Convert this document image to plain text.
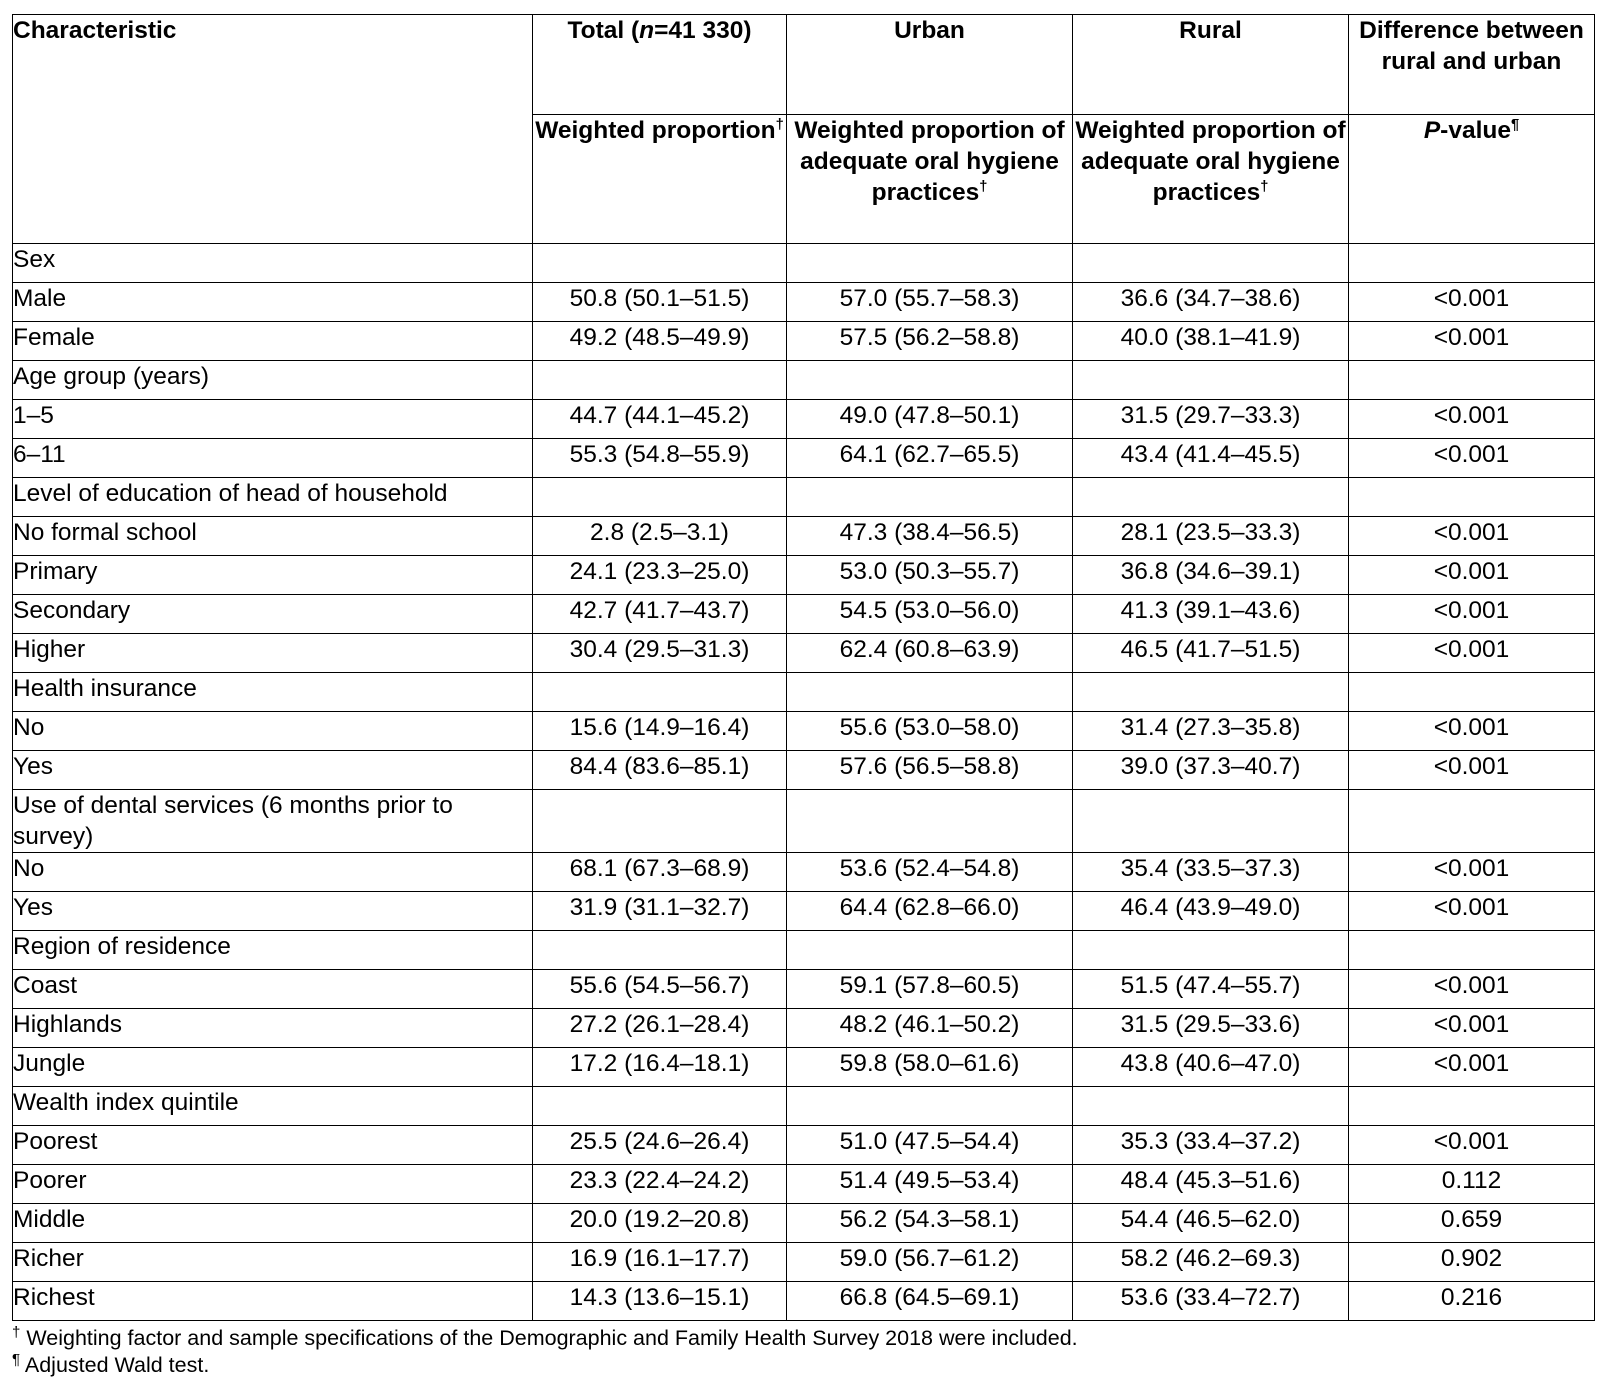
Characteristic	Total (n=41 330)	Urban	Rural	Difference between rural and urban
	Weighted proportion†	Weighted proportion of adequate oral hygiene practices†	Weighted proportion of adequate oral hygiene practices†	P-value¶
Sex				
Male	50.8 (50.1–51.5)	57.0 (55.7–58.3)	36.6 (34.7–38.6)	<0.001
Female	49.2 (48.5–49.9)	57.5 (56.2–58.8)	40.0 (38.1–41.9)	<0.001
Age group (years)				
1–5	44.7 (44.1–45.2)	49.0 (47.8–50.1)	31.5 (29.7–33.3)	<0.001
6–11	55.3 (54.8–55.9)	64.1 (62.7–65.5)	43.4 (41.4–45.5)	<0.001
Level of education of head of household				
No formal school	2.8 (2.5–3.1)	47.3 (38.4–56.5)	28.1 (23.5–33.3)	<0.001
Primary	24.1 (23.3–25.0)	53.0 (50.3–55.7)	36.8 (34.6–39.1)	<0.001
Secondary	42.7 (41.7–43.7)	54.5 (53.0–56.0)	41.3 (39.1–43.6)	<0.001
Higher	30.4 (29.5–31.3)	62.4 (60.8–63.9)	46.5 (41.7–51.5)	<0.001
Health insurance				
No	15.6 (14.9–16.4)	55.6 (53.0–58.0)	31.4 (27.3–35.8)	<0.001
Yes	84.4 (83.6–85.1)	57.6 (56.5–58.8)	39.0 (37.3–40.7)	<0.001
Use of dental services (6 months prior to survey)				
No	68.1 (67.3–68.9)	53.6 (52.4–54.8)	35.4 (33.5–37.3)	<0.001
Yes	31.9 (31.1–32.7)	64.4 (62.8–66.0)	46.4 (43.9–49.0)	<0.001
Region of residence				
Coast	55.6 (54.5–56.7)	59.1 (57.8–60.5)	51.5 (47.4–55.7)	<0.001
Highlands	27.2 (26.1–28.4)	48.2 (46.1–50.2)	31.5 (29.5–33.6)	<0.001
Jungle	17.2 (16.4–18.1)	59.8 (58.0–61.6)	43.8 (40.6–47.0)	<0.001
Wealth index quintile				
Poorest	25.5 (24.6–26.4)	51.0 (47.5–54.4)	35.3 (33.4–37.2)	<0.001
Poorer	23.3 (22.4–24.2)	51.4 (49.5–53.4)	48.4 (45.3–51.6)	0.112
Middle	20.0 (19.2–20.8)	56.2 (54.3–58.1)	54.4 (46.5–62.0)	0.659
Richer	16.9 (16.1–17.7)	59.0 (56.7–61.2)	58.2 (46.2–69.3)	0.902
Richest	14.3 (13.6–15.1)	66.8 (64.5–69.1)	53.6 (33.4–72.7)	0.216
† Weighting factor and sample specifications of the Demographic and Family Health Survey 2018 were included.
¶ Adjusted Wald test.
